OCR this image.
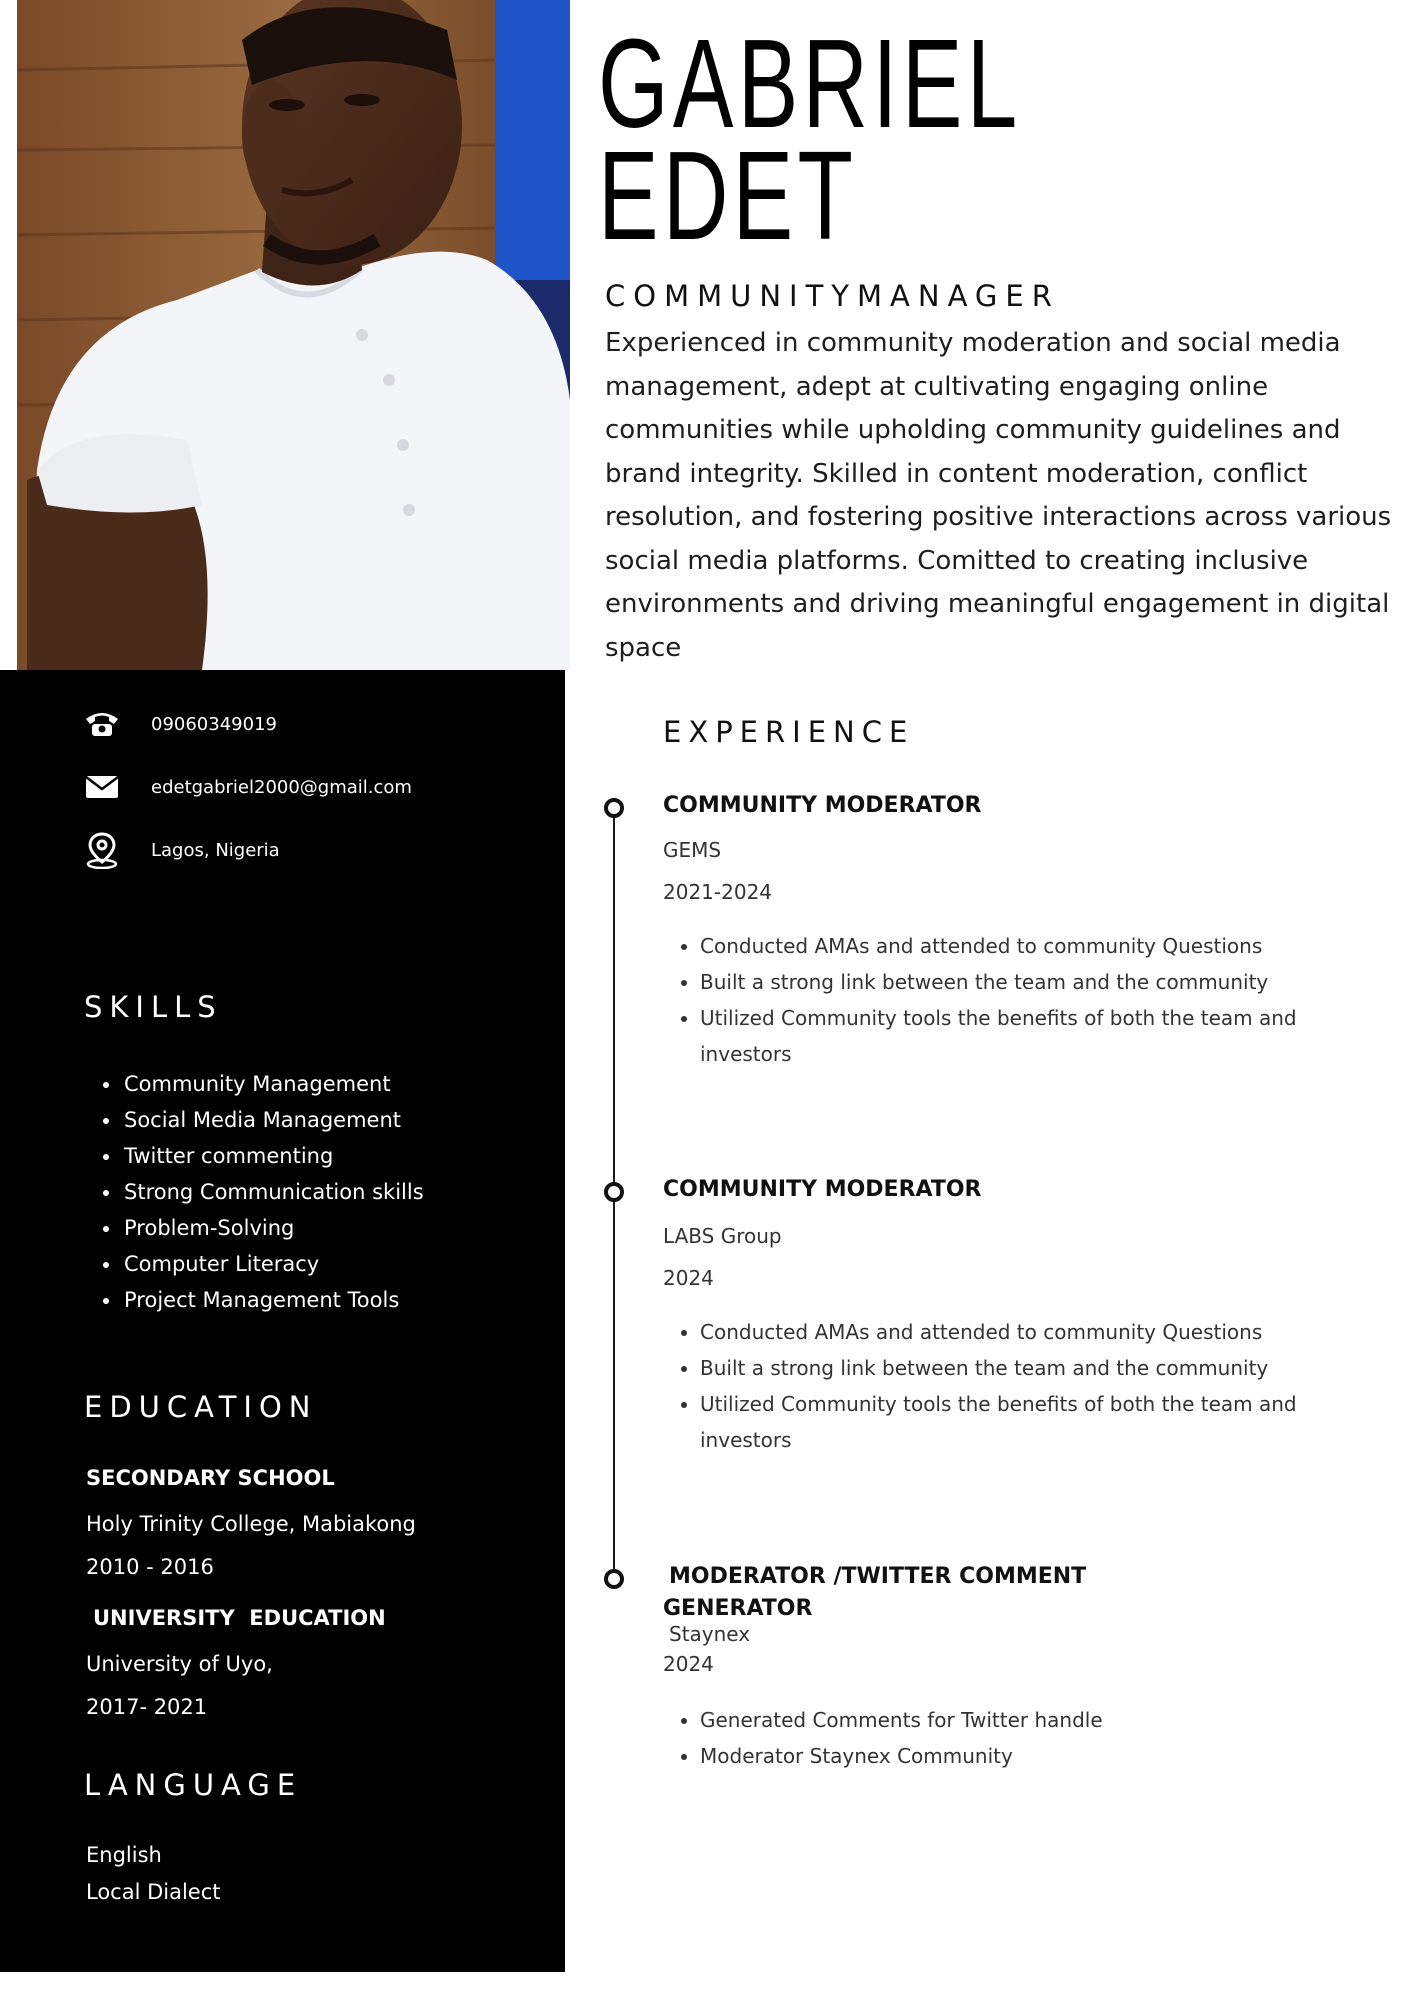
GABRIEL
EDET
COMMUNITYMANAGER

Experienced in community moderation and social media management, adept at cultivating engaging online communities while upholding community guidelines and brand integrity. Skilled in content moderation, conflict resolution, and fostering positive interactions across various social media platforms. Comitted to creating inclusive environments and driving meaningful engagement in digital space

09060349019
edetgabriel2000@gmail.com
Lagos, Nigeria
SKILLS
• Community Management
• Social Media Management
• Twitter commenting
• Strong Communication skills
• Problem-Solving
• Computer Literacy
• Project Management Tools
EDUCATION

SECONDARY SCHOOL

Holy Trinity College, Mabiakong

2010 - 2016

UNIVERSITY  EDUCATION

University of Uyo,

2017- 2021

LANGUAGE

English

Local Dialect

EXPERIENCE

COMMUNITY MODERATOR

GEMS

2021-2024

• Conducted AMAs and attended to community Questions
• Built a strong link between the team and the community
• Utilized Community tools the benefits of both the team and investors

COMMUNITY MODERATOR

LABS Group

2024

• Conducted AMAs and attended to community Questions
• Built a strong link between the team and the community
• Utilized Community tools the benefits of both the team and investors

MODERATOR /TWITTER COMMENT

GENERATOR

Staynex

2024

• Generated Comments for Twitter handle
• Moderator Staynex Community
